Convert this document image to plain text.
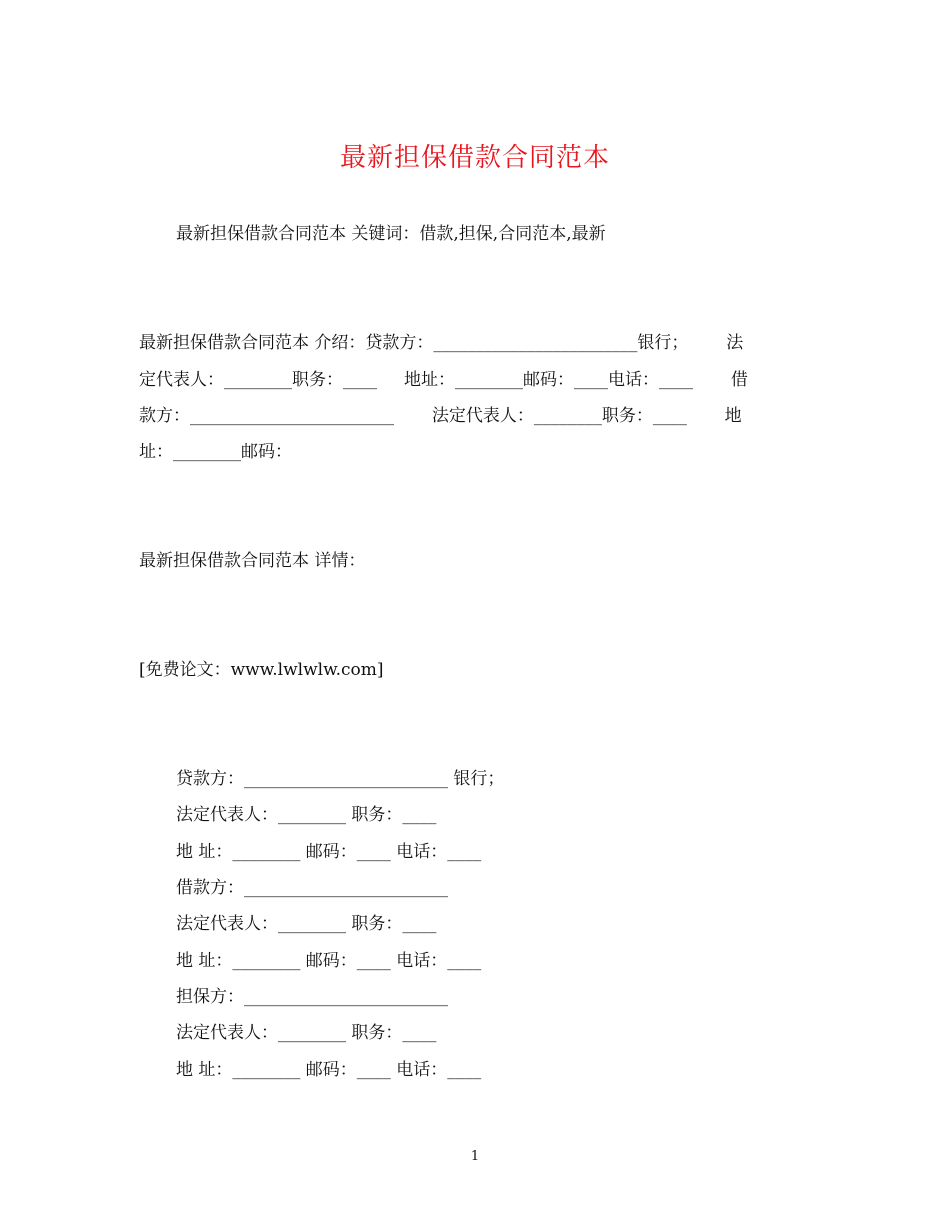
最新担保借款合同范本
最新担保借款合同范本 关键词：借款,担保,合同范本,最新
最新担保借款合同范本 介绍：贷款方：________________________银行；       法
定代表人：________职务：____     地址：________邮码：____电话：____       借
款方：________________________       法定代表人：________职务：____       地
址：________邮码：
最新担保借款合同范本 详情：
[免费论文：www.lwlwlw.com]
贷款方：________________________ 银行；
法定代表人：________ 职务：____
地 址：________ 邮码：____ 电话：____
借款方：________________________
法定代表人：________ 职务：____
地 址：________ 邮码：____ 电话：____
担保方：________________________
法定代表人：________ 职务：____
地 址：________ 邮码：____ 电话：____
1
